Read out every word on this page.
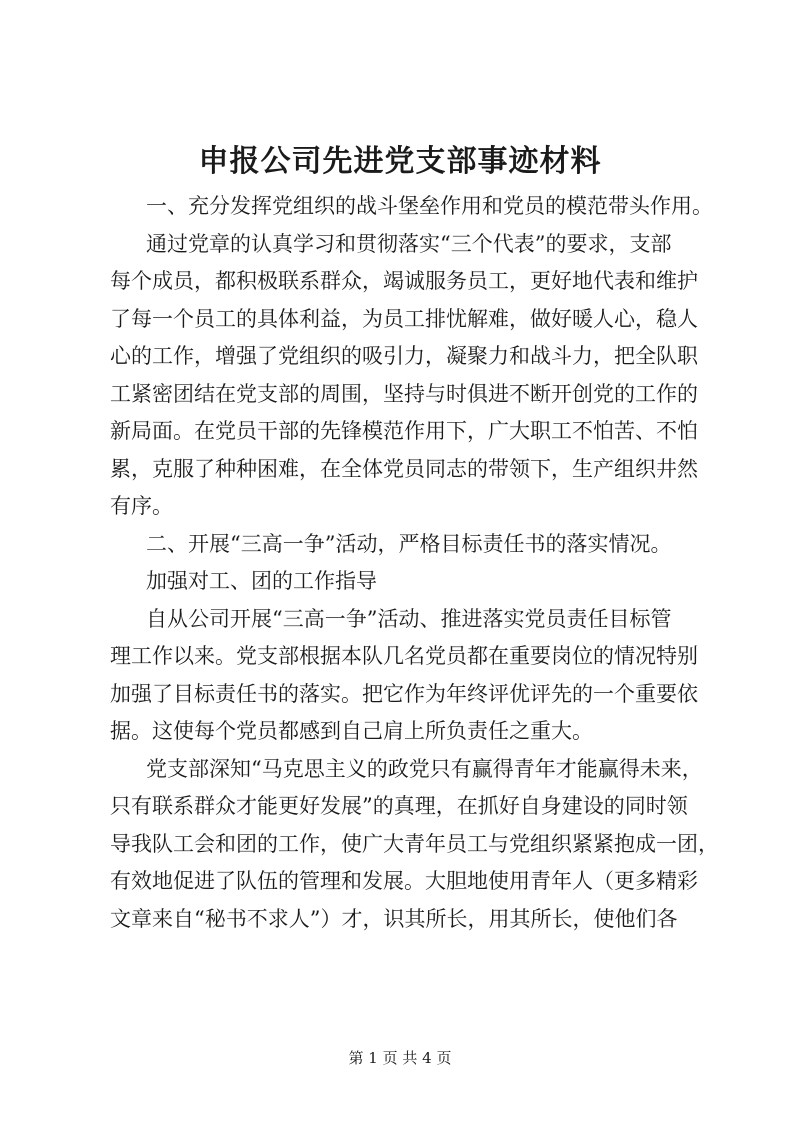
申报公司先进党支部事迹材料
一、充分发挥党组织的战斗堡垒作用和党员的模范带头作用。
通过党章的认真学习和贯彻落实“三个代表”的要求，支部
每个成员，都积极联系群众，竭诚服务员工，更好地代表和维护
了每一个员工的具体利益，为员工排忧解难，做好暖人心，稳人
心的工作，增强了党组织的吸引力，凝聚力和战斗力，把全队职
工紧密团结在党支部的周围，坚持与时俱进不断开创党的工作的
新局面。在党员干部的先锋模范作用下，广大职工不怕苦、不怕
累，克服了种种困难，在全体党员同志的带领下，生产组织井然
有序。
二、开展“三高一争”活动，严格目标责任书的落实情况。
加强对工、团的工作指导
自从公司开展“三高一争”活动、推进落实党员责任目标管
理工作以来。党支部根据本队几名党员都在重要岗位的情况特别
加强了目标责任书的落实。把它作为年终评优评先的一个重要依
据。这使每个党员都感到自己肩上所负责任之重大。
党支部深知“马克思主义的政党只有赢得青年才能赢得未来，
只有联系群众才能更好发展”的真理，在抓好自身建设的同时领
导我队工会和团的工作，使广大青年员工与党组织紧紧抱成一团，
有效地促进了队伍的管理和发展。大胆地使用青年人（更多精彩
文章来自“秘书不求人”）才，识其所长，用其所长，使他们各
第 1 页 共 4 页
